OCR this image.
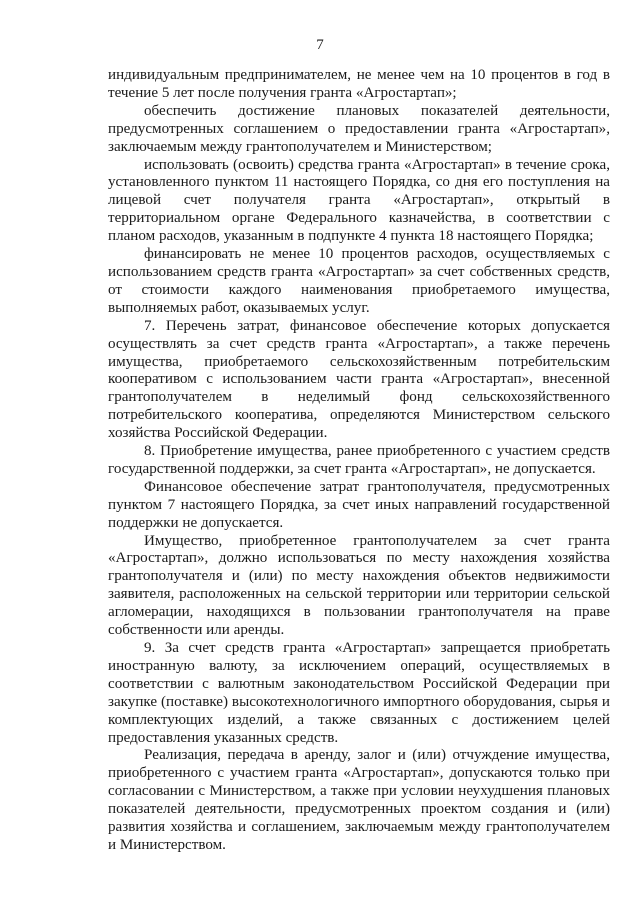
7

индивидуальным предпринимателем, не менее чем на 10 процентов в год в течение 5 лет после получения гранта «Агростартап»;

обеспечить достижение плановых показателей деятельности, предусмотренных соглашением о предоставлении гранта «Агростартап», заключаемым между грантополучателем и Министерством;

использовать (освоить) средства гранта «Агростартап» в течение срока, установленного пунктом 11 настоящего Порядка, со дня его поступления на лицевой счет получателя гранта «Агростартап», открытый в территориальном органе Федерального казначейства, в соответствии с планом расходов, указанным в подпункте 4 пункта 18 настоящего Порядка;

финансировать не менее 10 процентов расходов, осуществляемых с использованием средств гранта «Агростартап» за счет собственных средств, от стоимости каждого наименования приобретаемого имущества, выполняемых работ, оказываемых услуг.

7. Перечень затрат, финансовое обеспечение которых допускается осуществлять за счет средств гранта «Агростартап», а также перечень имущества, приобретаемого сельскохозяйственным потребительским кооперативом с использованием части гранта «Агростартап», внесенной грантополучателем в неделимый фонд сельскохозяйственного потребительского кооператива, определяются Министерством сельского хозяйства Российской Федерации.

8. Приобретение имущества, ранее приобретенного с участием средств государственной поддержки, за счет гранта «Агростартап», не допускается.

Финансовое обеспечение затрат грантополучателя, предусмотренных пунктом 7 настоящего Порядка, за счет иных направлений государственной поддержки не допускается.

Имущество, приобретенное грантополучателем за счет гранта «Агростартап», должно использоваться по месту нахождения хозяйства грантополучателя и (или) по месту нахождения объектов недвижимости заявителя, расположенных на сельской территории или территории сельской агломерации, находящихся в пользовании грантополучателя на праве собственности или аренды.

9. За счет средств гранта «Агростартап» запрещается приобретать иностранную валюту, за исключением операций, осуществляемых в соответствии с валютным законодательством Российской Федерации при закупке (поставке) высокотехнологичного импортного оборудования, сырья и комплектующих изделий, а также связанных с достижением целей предоставления указанных средств.

Реализация, передача в аренду, залог и (или) отчуждение имущества, приобретенного с участием гранта «Агростартап», допускаются только при согласовании с Министерством, а также при условии неухудшения плановых показателей деятельности, предусмотренных проектом создания и (или) развития хозяйства и соглашением, заключаемым между грантополучателем и Министерством.
